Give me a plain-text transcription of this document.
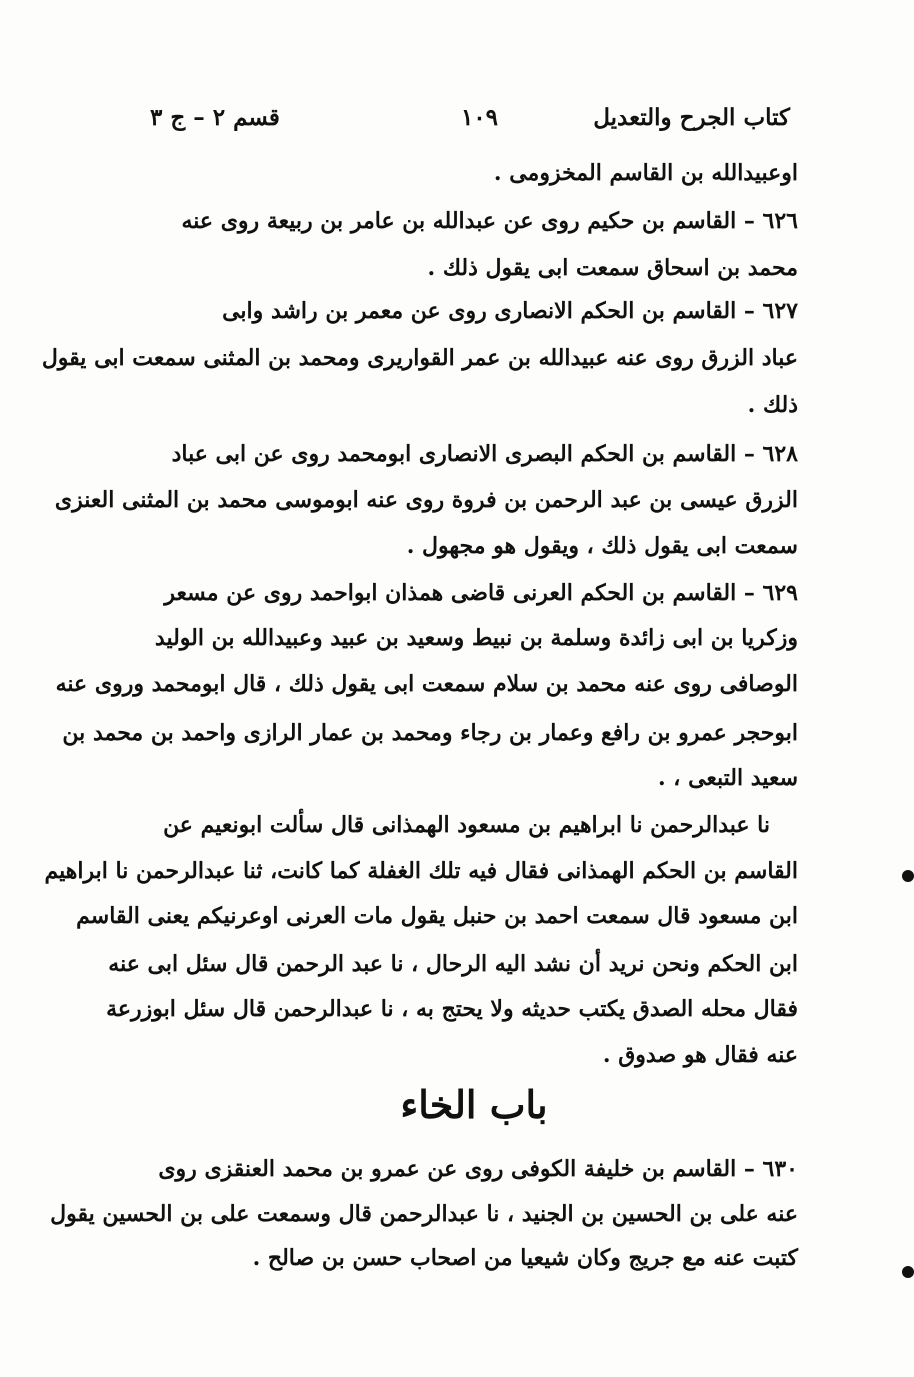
كتاب الجرح والتعديل
١٠٩
قسم ٢ – ج ٣
اوعبيدالله بن القاسم المخزومى .
٦٢٦ – القاسم بن حكيم روى عن عبدالله بن عامر بن ربيعة روى عنه
محمد بن اسحاق سمعت ابى يقول ذلك .
٦٢٧ – القاسم بن الحكم الانصارى روى عن معمر بن راشد وابى
عباد الزرق روى عنه عبيدالله بن عمر القواريرى ومحمد بن المثنى سمعت ابى يقول
ذلك .
٦٢٨ – القاسم بن الحكم البصرى الانصارى ابومحمد روى عن ابى عباد
الزرق عيسى بن عبد الرحمن بن فروة روى عنه ابوموسى محمد بن المثنى العنزى
سمعت ابى يقول ذلك ، ويقول هو مجهول .
٦٢٩ – القاسم بن الحكم العرنى قاضى همذان ابواحمد روى عن مسعر
وزكريا بن ابى زائدة وسلمة بن نبيط وسعيد بن عبيد وعبيدالله بن الوليد
الوصافى روى عنه محمد بن سلام سمعت ابى يقول ذلك ، قال ابومحمد وروى عنه
ابوحجر عمرو بن رافع وعمار بن رجاء ومحمد بن عمار الرازى واحمد بن محمد بن
سعيد التبعى ، .
نا عبدالرحمن نا ابراهيم بن مسعود الهمذانى قال سألت ابونعيم عن
القاسم بن الحكم الهمذانى فقال فيه تلك الغفلة كما كانت، ثنا عبدالرحمن نا ابراهيم
ابن مسعود قال سمعت احمد بن حنبل يقول مات العرنى اوعرنيكم يعنى القاسم
ابن الحكم ونحن نريد أن نشد اليه الرحال ، نا عبد الرحمن قال سئل ابى عنه
فقال محله الصدق يكتب حديثه ولا يحتج به ، نا عبدالرحمن قال سئل ابوزرعة
عنه فقال هو صدوق .
باب الخاء
٦٣٠ – القاسم بن خليفة الكوفى روى عن عمرو بن محمد العنقزى روى
عنه على بن الحسين بن الجنيد ، نا عبدالرحمن قال وسمعت على بن الحسين يقول
كتبت عنه مع جريج وكان شيعيا من اصحاب حسن بن صالح .
